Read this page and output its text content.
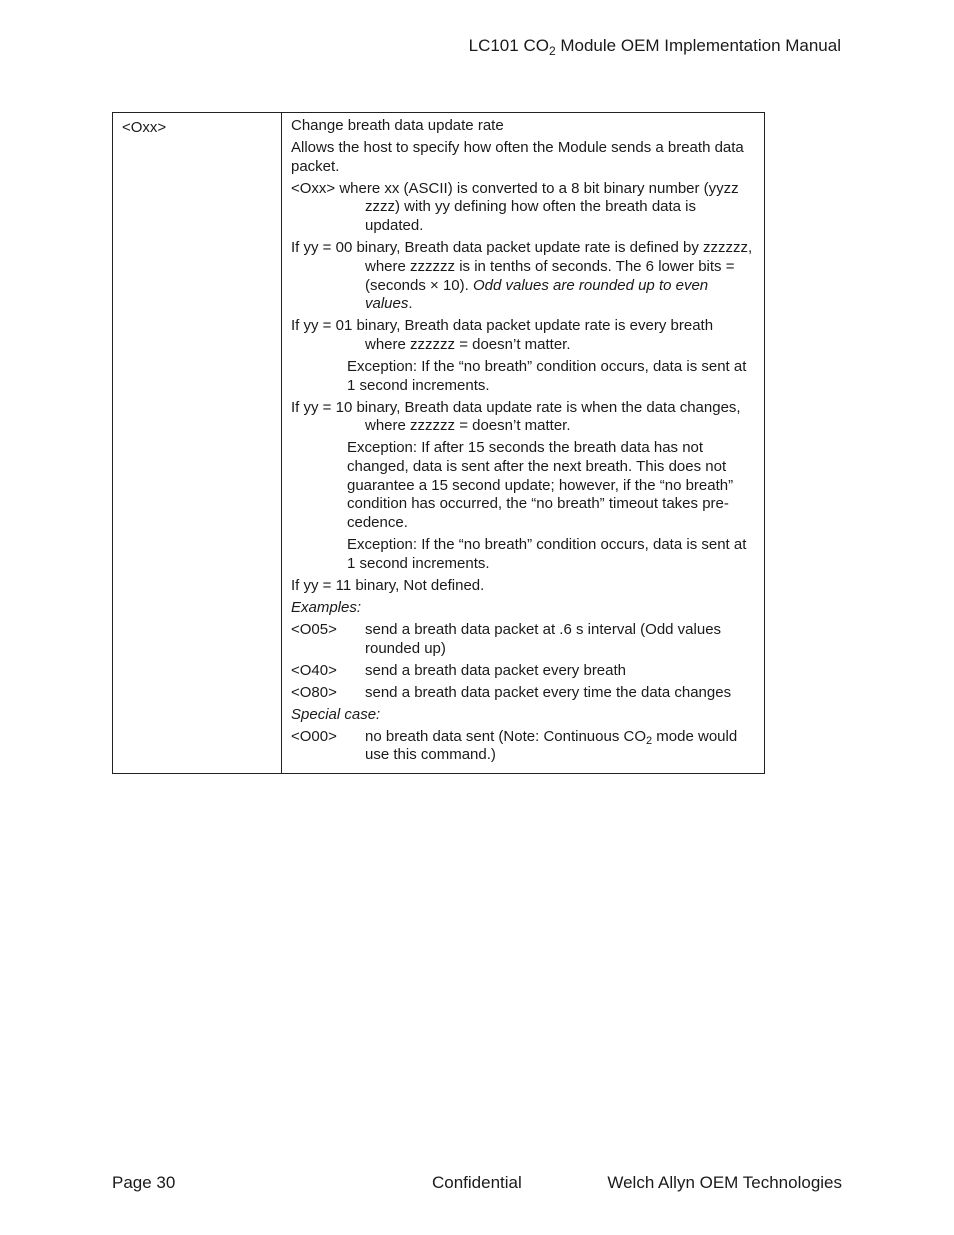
LC101 $CO_2$ Module OEM Implementation Manual
<Oxx>	Change breath data update rate
Allows the host to specify how often the Module sends a breath data packet.
<Oxx> where xx (ASCII) is converted to a 8 bit binary number (yyzz zzzz) with yy defining how often the breath data is updated.
If yy = 00 binary, Breath data packet update rate is defined by zzzzzz, where zzzzzz is in tenths of seconds. The 6 lower bits = (seconds × 10). Odd values are rounded up to even values.
If yy = 01 binary, Breath data packet update rate is every breath where zzzzzz = doesn’t matter.
Exception: If the “no breath” condition occurs, data is sent at 1 second increments.
If yy = 10 binary, Breath data update rate is when the data changes, where zzzzzz = doesn’t matter.
Exception: If after 15 seconds the breath data has not changed, data is sent after the next breath. This does not guarantee a 15 second update; however, if the “no breath” condition has occurred, the “no breath” timeout takes pre-cedence.
Exception: If the “no breath” condition occurs, data is sent at 1 second increments.
If yy = 11 binary, Not defined.
Examples:
<O05>	send a breath data packet at .6 s interval (Odd values rounded up)
<O40>	send a breath data packet every breath
<O80>	send a breath data packet every time the data changes
Special case:
<O00>	no breath data sent (Note: Continuous $CO_2$ mode would use this command.)
Page 30	Confidential	Welch Allyn OEM Technologies
